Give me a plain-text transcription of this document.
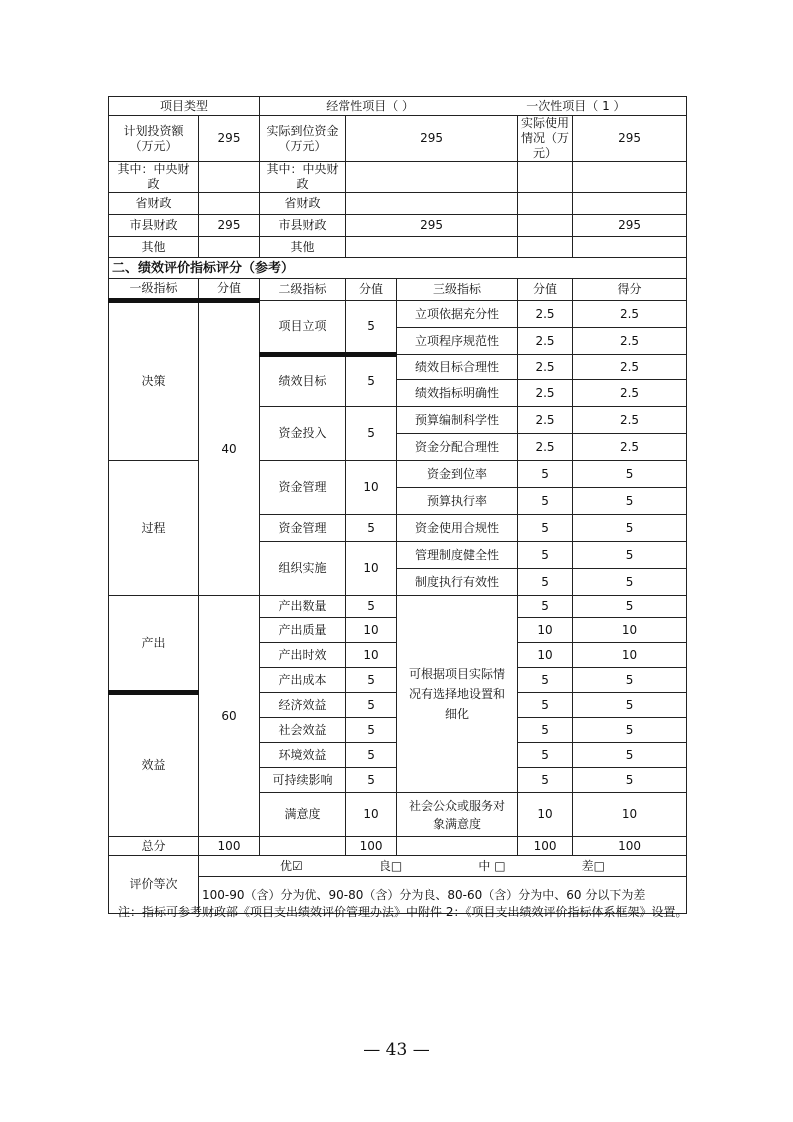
项目类型		经常性项目（ ） 一次性项目（ 1 ）				
计划投资额（万元）	295	实际到位资金（万元）	295		实际使用情况（万元）	295
其中：中央财政		其中：中央财政				
省财政		省财政				
市县财政	295	市县财政	295			295
其他		其他				
二、绩效评价指标评分（参考）						
一级指标	分值	二级指标	分值	三级指标	分值	得分
决策	40	项目立项	5	立项依据充分性	2.5	2.5
				立项程序规范性	2.5	2.5
		绩效目标	5	绩效目标合理性	2.5	2.5
				绩效指标明确性	2.5	2.5
		资金投入	5	预算编制科学性	2.5	2.5
				资金分配合理性	2.5	2.5
过程		资金管理	10	资金到位率	5	5
				预算执行率	5	5
		资金管理	5	资金使用合规性	5	5
		组织实施	10	管理制度健全性	5	5
				制度执行有效性	5	5
产出	60	产出数量	5	可根据项目实际情况有选择地设置和细化	5	5
		产出质量	10		10	10
		产出时效	10		10	10
		产出成本	5		5	5
效益		经济效益	5		5	5
		社会效益	5		5	5
		环境效益	5		5	5
		可持续影响	5		5	5
		满意度	10	社会公众或服务对象满意度	10	10
总分	100		100		100	100
评价等次	优☑ 良□ 中 □ 差□					

	100-90（含）分为优、90-80（含）分为良、80-60（含）分为中、60 分以下为差					
注：指标可参考财政部《项目支出绩效评价管理办法》中附件 2：《项目支出绩效评价指标体系框架》设置。
— 43 —
